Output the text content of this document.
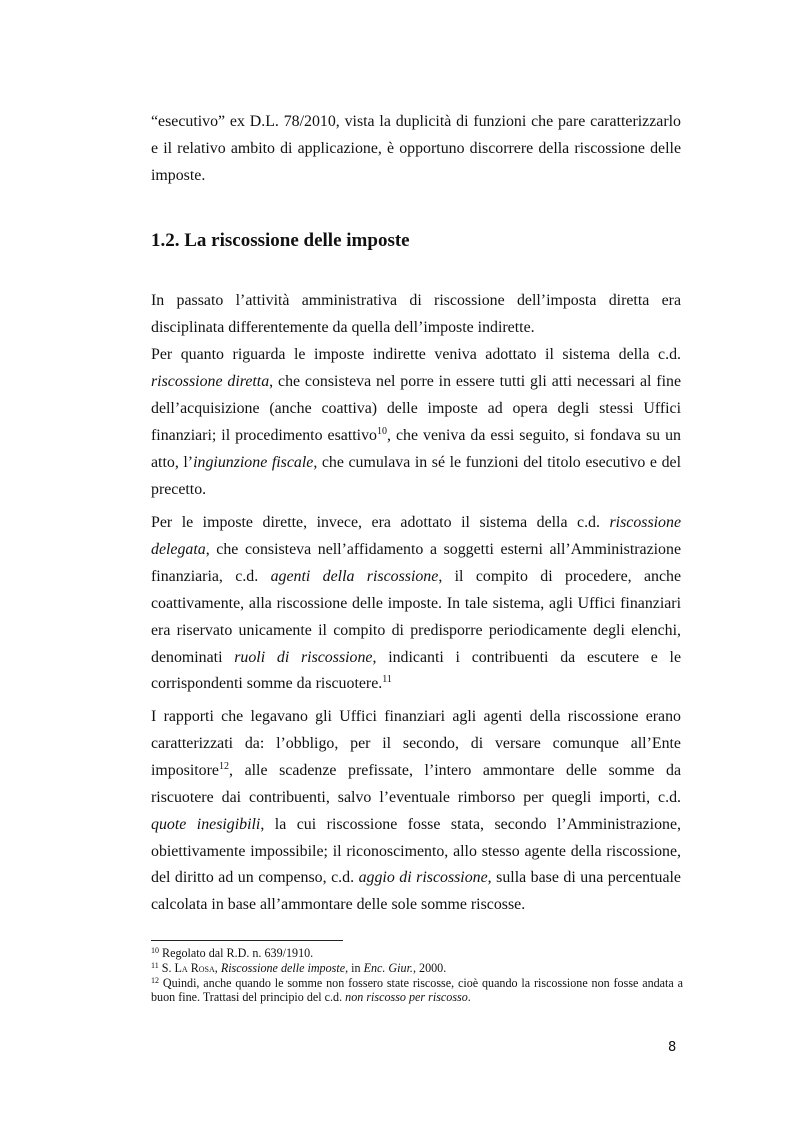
“esecutivo” ex D.L. 78/2010, vista la duplicità di funzioni che pare caratterizzarlo e il relativo ambito di applicazione, è opportuno discorrere della riscossione delle imposte.

1.2. La riscossione delle imposte

In passato l’attività amministrativa di riscossione dell’imposta diretta era disciplinata differentemente da quella dell’imposte indirette.

Per quanto riguarda le imposte indirette veniva adottato il sistema della c.d. riscossione diretta, che consisteva nel porre in essere tutti gli atti necessari al fine dell’acquisizione (anche coattiva) delle imposte ad opera degli stessi Uffici finanziari; il procedimento esattivo$^{10}$, che veniva da essi seguito, si fondava su un atto, l’ingiunzione fiscale, che cumulava in sé le funzioni del titolo esecutivo e del precetto.

Per le imposte dirette, invece, era adottato il sistema della c.d. riscossione delegata, che consisteva nell’affidamento a soggetti esterni all’Amministrazione finanziaria, c.d. agenti della riscossione, il compito di procedere, anche coattivamente, alla riscossione delle imposte. In tale sistema, agli Uffici finanziari era riservato unicamente il compito di predisporre periodicamente degli elenchi, denominati ruoli di riscossione, indicanti i contribuenti da escutere e le corrispondenti somme da riscuotere.$^{11}$

I rapporti che legavano gli Uffici finanziari agli agenti della riscossione erano caratterizzati da: l’obbligo, per il secondo, di versare comunque all’Ente impositore$^{12}$, alle scadenze prefissate, l’intero ammontare delle somme da riscuotere dai contribuenti, salvo l’eventuale rimborso per quegli importi, c.d. quote inesigibili, la cui riscossione fosse stata, secondo l’Amministrazione, obiettivamente impossibile; il riconoscimento, allo stesso agente della riscossione, del diritto ad un compenso, c.d. aggio di riscossione, sulla base di una percentuale calcolata in base all’ammontare delle sole somme riscosse.

$^{10}$ Regolato dal R.D. n. 639/1910.

$^{11}$ S. La Rosa, Riscossione delle imposte, in Enc. Giur., 2000.

$^{12}$ Quindi, anche quando le somme non fossero state riscosse, cioè quando la riscossione non fosse andata a buon fine. Trattasi del principio del c.d. non riscosso per riscosso.

8
